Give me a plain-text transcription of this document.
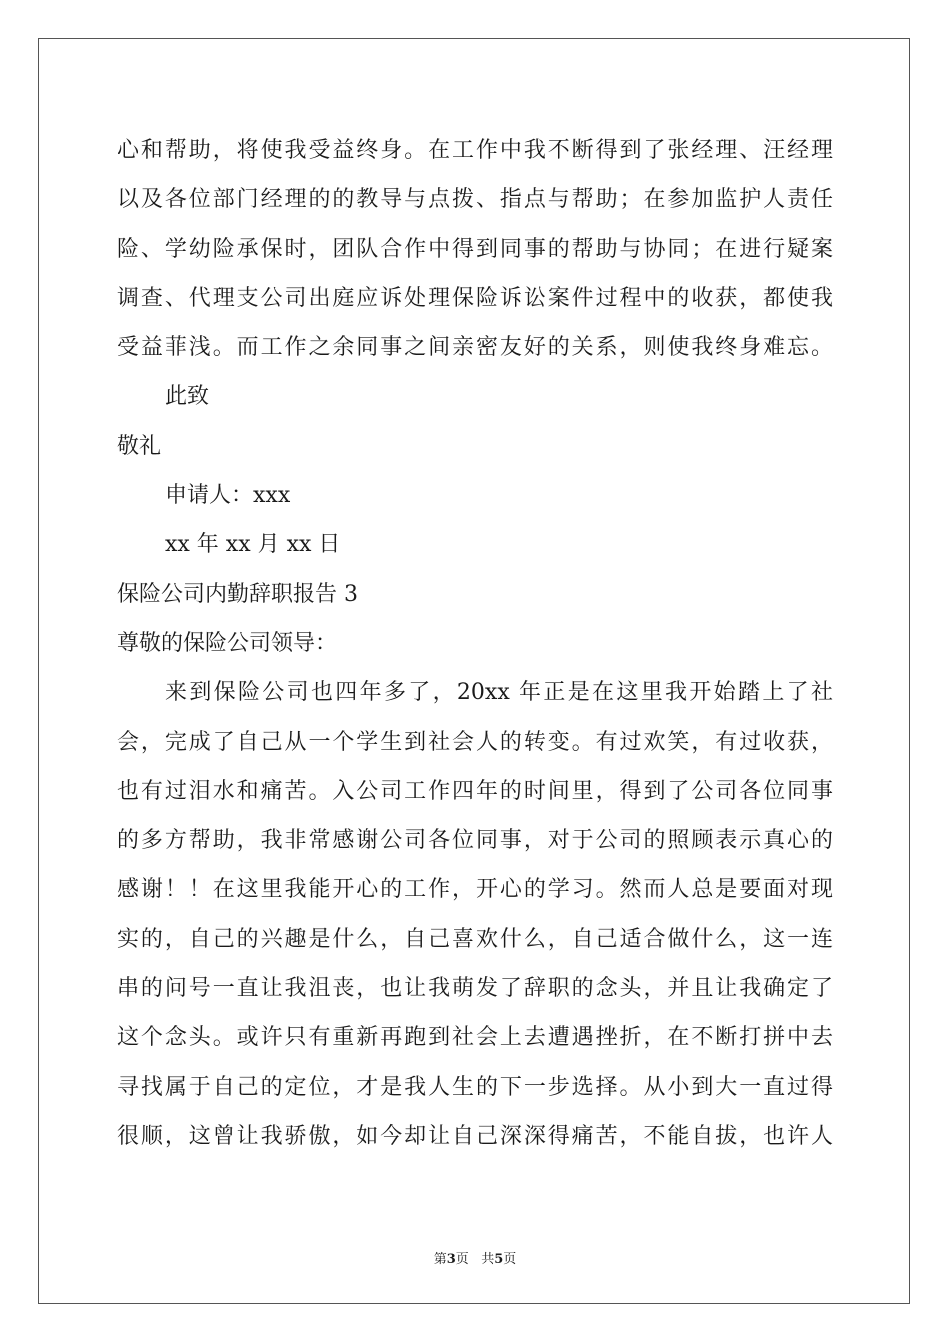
心和帮助，将使我受益终身。在工作中我不断得到了张经理、汪经理
以及各位部门经理的的教导与点拨、指点与帮助；在参加监护人责任
险、学幼险承保时，团队合作中得到同事的帮助与协同；在进行疑案
调查、代理支公司出庭应诉处理保险诉讼案件过程中的收获，都使我
受益菲浅。而工作之余同事之间亲密友好的关系，则使我终身难忘。
此致
敬礼
申请人：xxx
xx 年 xx 月 xx 日
保险公司内勤辞职报告 3
尊敬的保险公司领导：
来到保险公司也四年多了，20xx 年正是在这里我开始踏上了社
会，完成了自己从一个学生到社会人的转变。有过欢笑，有过收获，
也有过泪水和痛苦。入公司工作四年的时间里，得到了公司各位同事
的多方帮助，我非常感谢公司各位同事，对于公司的照顾表示真心的
感谢！！在这里我能开心的工作，开心的学习。然而人总是要面对现
实的，自己的兴趣是什么，自己喜欢什么，自己适合做什么，这一连
串的问号一直让我沮丧，也让我萌发了辞职的念头，并且让我确定了
这个念头。或许只有重新再跑到社会上去遭遇挫折，在不断打拼中去
寻找属于自己的定位，才是我人生的下一步选择。从小到大一直过得
很顺，这曾让我骄傲，如今却让自己深深得痛苦，不能自拔，也许人
第3页 共5页
